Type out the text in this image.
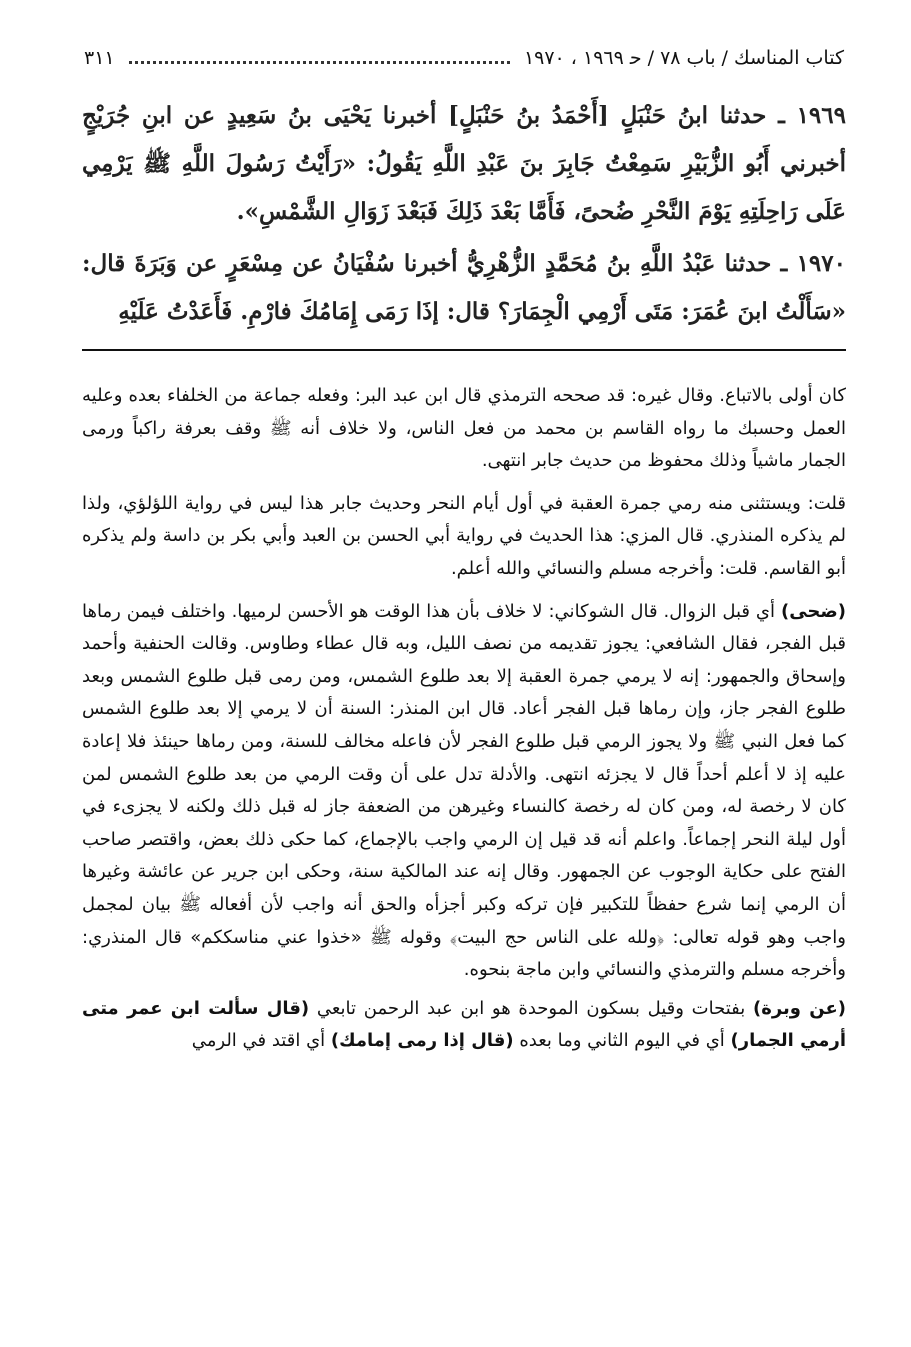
كتاب المناسك / باب ٧٨ / ح‍ ١٩٦٩ ، ١٩٧٠
٣١١

١٩٦٩ ـ حدثنا ابنُ حَنْبَلٍ [أَحْمَدُ بنُ حَنْبَلٍ] أخبرنا يَحْيَى بنُ سَعِيدٍ عن ابنِ جُرَيْجٍ أخبرني أَبُو الزُّبَيْرِ سَمِعْتُ جَابِرَ بنَ عَبْدِ اللَّهِ يَقُولُ: «رَأَيْتُ رَسُولَ اللَّهِ ﷺ يَرْمِي عَلَى رَاحِلَتِهِ يَوْمَ النَّحْرِ ضُحىً، فَأَمَّا بَعْدَ ذَلِكَ فَبَعْدَ زَوَالِ الشَّمْسِ».

١٩٧٠ ـ حدثنا عَبْدُ اللَّهِ بنُ مُحَمَّدٍ الزُّهْرِيُّ أخبرنا سُفْيَانُ عن مِسْعَرٍ عن وَبَرَةَ قال: «سَأَلْتُ ابنَ عُمَرَ: مَتَى أَرْمِي الْجِمَارَ؟ قال: إذَا رَمَى إِمَامُكَ فارْمِ. فَأَعَدْتُ عَلَيْهِ

كان أولى بالاتباع. وقال غيره: قد صححه الترمذي قال ابن عبد البر: وفعله جماعة من الخلفاء بعده وعليه العمل وحسبك ما رواه القاسم بن محمد من فعل الناس، ولا خلاف أنه ﷺ وقف بعرفة راكباً ورمى الجمار ماشياً وذلك محفوظ من حديث جابر انتهى.

قلت: ويستثنى منه رمي جمرة العقبة في أول أيام النحر وحديث جابر هذا ليس في رواية اللؤلؤي، ولذا لم يذكره المنذري. قال المزي: هذا الحديث في رواية أبي الحسن بن العبد وأبي بكر بن داسة ولم يذكره أبو القاسم. قلت: وأخرجه مسلم والنسائي والله أعلم.

(ضحى) أي قبل الزوال. قال الشوكاني: لا خلاف بأن هذا الوقت هو الأحسن لرميها. واختلف فيمن رماها قبل الفجر، فقال الشافعي: يجوز تقديمه من نصف الليل، وبه قال عطاء وطاوس. وقالت الحنفية وأحمد وإسحاق والجمهور: إنه لا يرمي جمرة العقبة إلا بعد طلوع الشمس، ومن رمى قبل طلوع الشمس وبعد طلوع الفجر جاز، وإن رماها قبل الفجر أعاد. قال ابن المنذر: السنة أن لا يرمي إلا بعد طلوع الشمس كما فعل النبي ﷺ ولا يجوز الرمي قبل طلوع الفجر لأن فاعله مخالف للسنة، ومن رماها حينئذ فلا إعادة عليه إذ لا أعلم أحداً قال لا يجزئه انتهى. والأدلة تدل على أن وقت الرمي من بعد طلوع الشمس لمن كان لا رخصة له، ومن كان له رخصة كالنساء وغيرهن من الضعفة جاز له قبل ذلك ولكنه لا يجزىء في أول ليلة النحر إجماعاً. واعلم أنه قد قيل إن الرمي واجب بالإجماع، كما حكى ذلك بعض، واقتصر صاحب الفتح على حكاية الوجوب عن الجمهور. وقال إنه عند المالكية سنة، وحكى ابن جرير عن عائشة وغيرها أن الرمي إنما شرع حفظاً للتكبير فإن تركه وكبر أجزأه والحق أنه واجب لأن أفعاله ﷺ بيان لمجمل واجب وهو قوله تعالى: ﴿ولله على الناس حج البيت﴾ وقوله ﷺ «خذوا عني مناسككم» قال المنذري: وأخرجه مسلم والترمذي والنسائي وابن ماجة بنحوه.

(عن وبرة) بفتحات وقيل بسكون الموحدة هو ابن عبد الرحمن تابعي (قال سألت ابن عمر متى أرمي الجمار) أي في اليوم الثاني وما بعده (قال إذا رمى إمامك) أي اقتد في الرمي
